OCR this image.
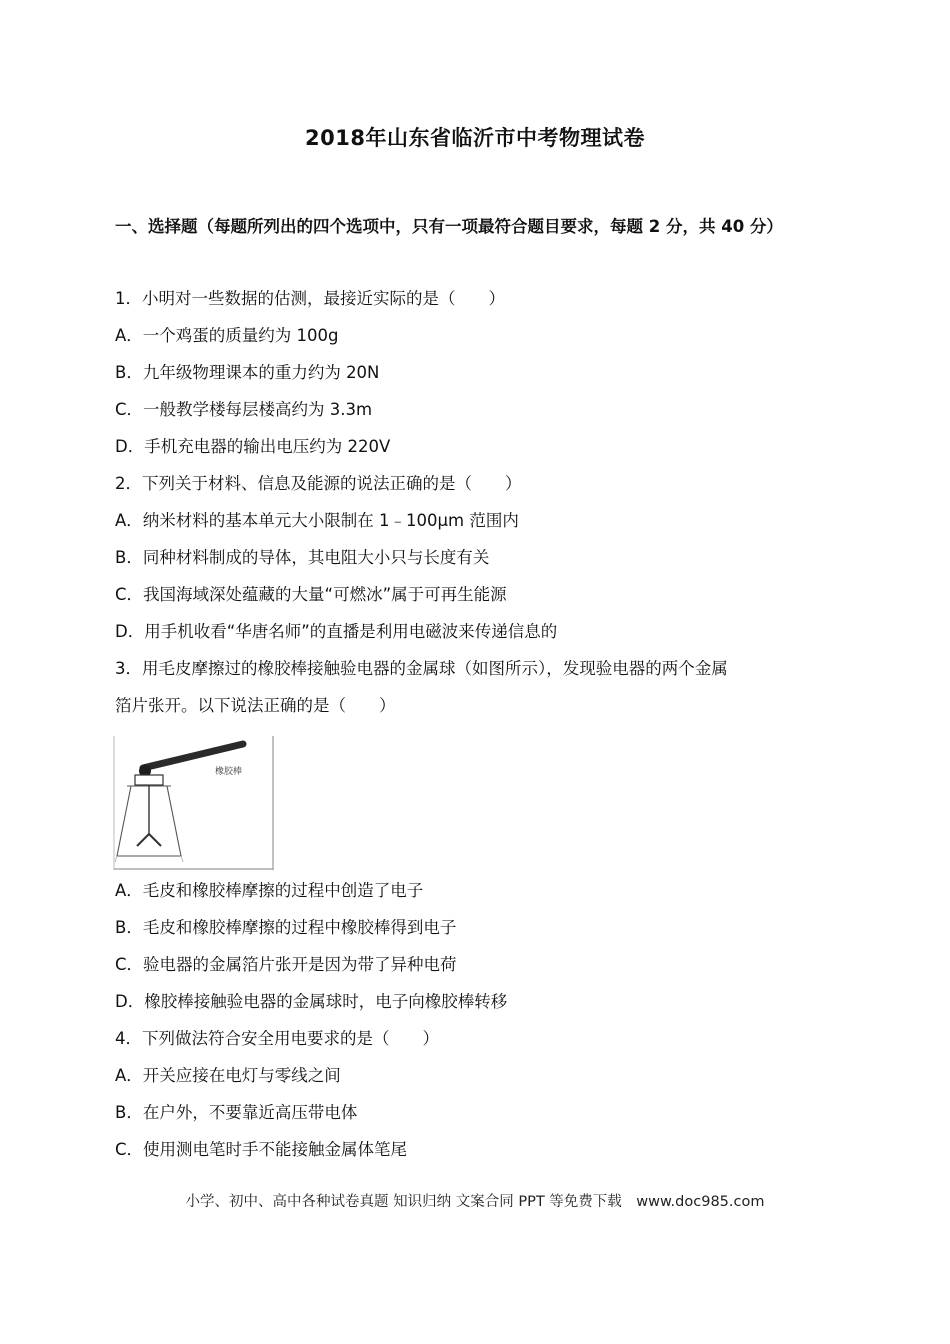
2018年山东省临沂市中考物理试卷
一、选择题（每题所列出的四个选项中，只有一项最符合题目要求，每题 2 分，共 40 分）
1．小明对一些数据的估测，最接近实际的是（　　）
A．一个鸡蛋的质量约为 100g
B．九年级物理课本的重力约为 20N
C．一般教学楼每层楼高约为 3.3m
D．手机充电器的输出电压约为 220V
2．下列关于材料、信息及能源的说法正确的是（　　）
A．纳米材料的基本单元大小限制在 1﹣100μm 范围内
B．同种材料制成的导体，其电阻大小只与长度有关
C．我国海域深处蕴藏的大量“可燃冰”属于可再生能源
D．用手机收看“华唐名师”的直播是利用电磁波来传递信息的
3．用毛皮摩擦过的橡胶棒接触验电器的金属球（如图所示），发现验电器的两个金属
箔片张开。以下说法正确的是（　　）
橡胶棒
A．毛皮和橡胶棒摩擦的过程中创造了电子
B．毛皮和橡胶棒摩擦的过程中橡胶棒得到电子
C．验电器的金属箔片张开是因为带了异种电荷
D．橡胶棒接触验电器的金属球时，电子向橡胶棒转移
4．下列做法符合安全用电要求的是（　　）
A．开关应接在电灯与零线之间
B．在户外，不要靠近高压带电体
C．使用测电笔时手不能接触金属体笔尾
小学、初中、高中各种试卷真题 知识归纳 文案合同 PPT 等免费下载　www.doc985.com
